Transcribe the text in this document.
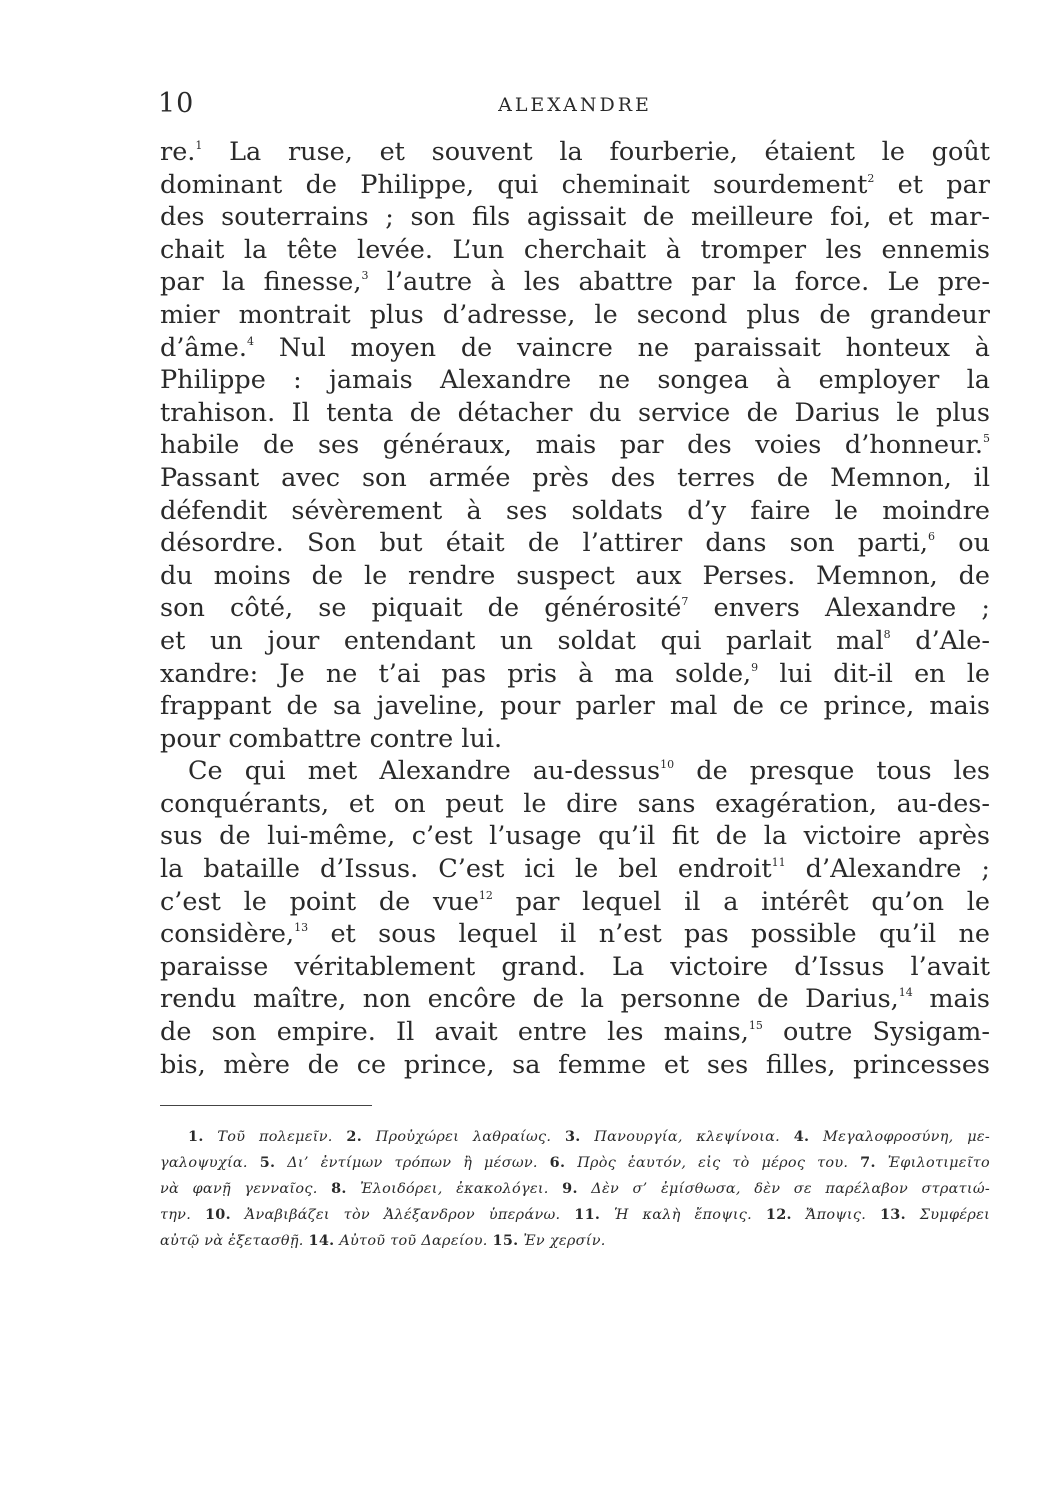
10	ALEXANDRE
re.$^1$ La ruse, et souvent la fourberie, étaient le goût
dominant de Philippe, qui cheminait sourdement$^2$ et par
des souterrains ; son fils agissait de meilleure foi, et mar-
chait la tête levée. L’un cherchait à tromper les ennemis
par la finesse,$^3$ l’autre à les abattre par la force. Le pre-
mier montrait plus d’adresse, le second plus de grandeur
d’âme.$^4$ Nul moyen de vaincre ne paraissait honteux à
Philippe : jamais Alexandre ne songea à employer la
trahison. Il tenta de détacher du service de Darius le plus
habile de ses généraux, mais par des voies d’honneur.$^5$
Passant avec son armée près des terres de Memnon, il
défendit sévèrement à ses soldats d’y faire le moindre
désordre. Son but était de l’attirer dans son parti,$^6$ ou
du moins de le rendre suspect aux Perses. Memnon, de
son côté, se piquait de générosité$^7$ envers Alexandre ;
et un jour entendant un soldat qui parlait mal$^8$ d’Ale-
xandre: Je ne t’ai pas pris à ma solde,$^9$ lui dit-il en le
frappant de sa javeline, pour parler mal de ce prince, mais
pour combattre contre lui.
Ce qui met Alexandre au-dessus$^{10}$ de presque tous les
conquérants, et on peut le dire sans exagération, au-des-
sus de lui-même, c’est l’usage qu’il fit de la victoire après
la bataille d’Issus. C’est ici le bel endroit$^{11}$ d’Alexandre ;
c’est le point de vue$^{12}$ par lequel il a intérêt qu’on le
considère,$^{13}$ et sous lequel il n’est pas possible qu’il ne
paraisse véritablement grand. La victoire d’Issus l’avait
rendu maître, non encôre de la personne de Darius,$^{14}$ mais
de son empire. Il avait entre les mains,$^{15}$ outre Sysigam-
bis, mère de ce prince, sa femme et ses filles, princesses
1. Τοῦ πολεμεῖν. 2. Προὐχώρει λαθραίως. 3. Πανουργία, κλεψίνοια. 4. Μεγαλοφροσύνη, με-
γαλοψυχία. 5. Δι’ ἐντίμων τρόπων ἢ μέσων. 6. Πρὸς ἑαυτόν, εἰς τὸ μέρος του. 7. Ἐφιλοτιμεῖτο
νὰ φανῇ γενναῖος. 8. Ἐλοιδόρει, ἐκακολόγει. 9. Δὲν σ’ ἐμίσθωσα, δὲν σε παρέλαβον στρατιώ-
την. 10. Ἀναβιβάζει τὸν Ἀλέξανδρον ὑπεράνω. 11. Ἡ καλὴ ἔποψις. 12. Ἄποψις. 13. Συμφέρει
αὐτῷ νὰ ἐξετασθῇ. 14. Αὐτοῦ τοῦ Δαρείου. 15. Ἐν χερσίν.
